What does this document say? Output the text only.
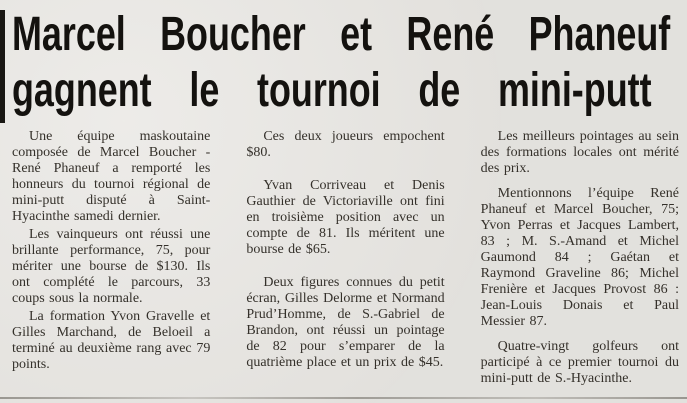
Marcel Boucher et René Phaneuf
gagnent le tournoi de mini-putt

Une équipe maskoutaine composée de Marcel Boucher - René Phaneuf a remporté les honneurs du tournoi régional de mini-putt disputé à Saint-Hyacinthe samedi dernier.

Les vainqueurs ont réussi une brillante performance, 75, pour mériter une bourse de $130. Ils ont complété le parcours, 33 coups sous la normale.

La formation Yvon Gravelle et Gilles Marchand, de Beloeil a terminé au deuxième rang avec 79 points.

Ces deux joueurs empochent $80.

Yvan Corriveau et Denis Gauthier de Victoriaville ont fini en troisième position avec un compte de 81. Ils méritent une bourse de $65.

Deux figures connues du petit écran, Gilles Delorme et Normand Prud’Homme, de S.-Gabriel de Brandon, ont réussi un pointage de 82 pour s’emparer de la quatrième place et un prix de $45.

Les meilleurs pointages au sein des formations locales ont mérité des prix.

Mentionnons l’équipe René Phaneuf et Marcel Boucher, 75; Yvon Perras et Jacques Lambert, 83 ; M. S.-Amand et Michel Gaumond 84 ; Gaétan et Raymond Graveline 86; Michel Frenière et Jacques Provost 86 : Jean-Louis Donais et Paul Messier 87.

Quatre-vingt golfeurs ont participé à ce premier tournoi du mini-putt de S.-Hyacinthe.
